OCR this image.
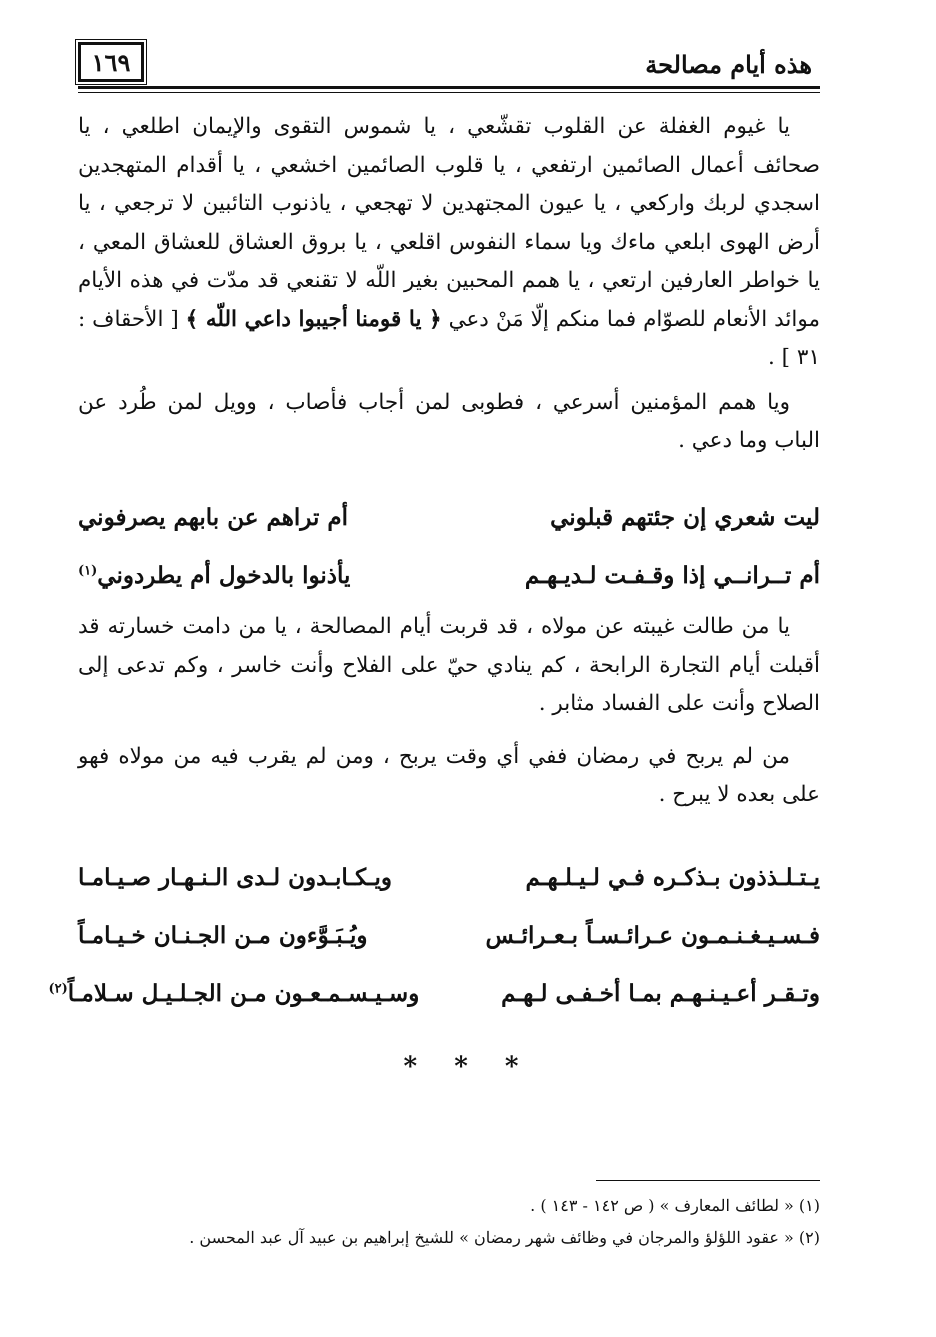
هذه أيام مصالحة
١٦٩

يا غيوم الغفلة عن القلوب تقشّعي ، يا شموس التقوى والإيمان اطلعي ، يا صحائف أعمال الصائمين ارتفعي ، يا قلوب الصائمين اخشعي ، يا أقدام المتهجدين اسجدي لربك واركعي ، يا عيون المجتهدين لا تهجعي ، ياذنوب التائبين لا ترجعي ، يا أرض الهوى ابلعي ماءك ويا سماء النفوس اقلعي ، يا بروق العشاق للعشاق المعي ، يا خواطر العارفين ارتعي ، يا همم المحبين بغير اللّه لا تقنعي قد مدّت في هذه الأيام موائد الأنعام للصوّام فما منكم إلّا مَنْ دعي ﴿ يا قومنا أجيبوا داعي اللّه ﴾ [ الأحقاف : ٣١ ] .

ويا همم المؤمنين أسرعي ، فطوبى لمن أجاب فأصاب ، وويل لمن طُرد عن الباب وما دعي .

ليت شعري إن جئتهم قبلوني
أم تراهم عن بابهم يصرفوني
أم تــرانــي إذا وقـفـت لـديـهـم
يأذنوا بالدخول أم يطردوني$^{(١)}$

يا من طالت غيبته عن مولاه ، قد قربت أيام المصالحة ، يا من دامت خسارته قد أقبلت أيام التجارة الرابحة ، كم ينادي حيّ على الفلاح وأنت خاسر ، وكم تدعى إلى الصلاح وأنت على الفساد مثابر .

من لم يربح في رمضان ففي أي وقت يربح ، ومن لم يقرب فيه من مولاه فهو على بعده لا يبرح .

يـتـلـذذون بـذكـره فـي لـيـلـهـم
ويـكـابـدون لـدى الـنـهـار صـيـامـا
فـسـيـغـنـمـون عـرائـسـاً بـعـرائـس
ويُـبَـوَّءون مـن الجـنـان خـيـامـاً
وتـقـر أعـيـنـهـم بمـا أخـفـى لـهـم
وسـيـسـمـعـون مـن الجـلـيـل سـلامـاً$^{(٢)}$
* * *
(١) « لطائف المعارف » ( ص ١٤٢ - ١٤٣ ) .
(٢) « عقود اللؤلؤ والمرجان في وظائف شهر رمضان » للشيخ إبراهيم بن عبيد آل عبد المحسن .
